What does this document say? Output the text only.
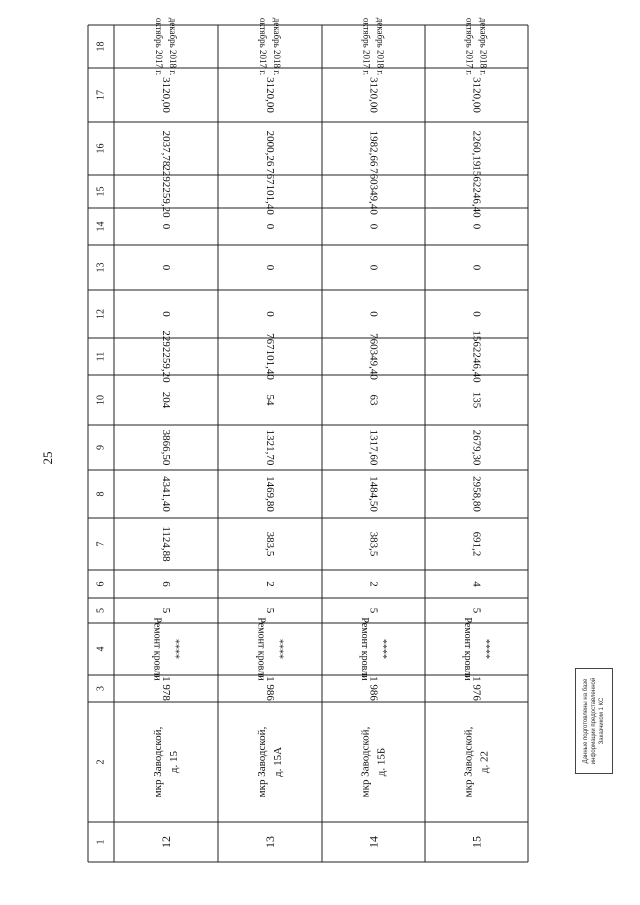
25
1
2
3
4
5
6
7
8
9
10
11
12
13
14
15
16
17
18
12
мкр Заводской, д. 15
1 978
Ремонт кровли ****
5
6
1124,88
4341,40
3866,50
204
2292259,20
0
0
0
2292259,20
2037,78
3120,00
октябрь 2017 г. декабрь 2018 г.
13
мкр Заводской, д. 15А
1 986
Ремонт кровли ****
5
2
383,5
1469,80
1321,70
54
767101,40
0
0
0
767101,40
2000,26
3120,00
октябрь 2017 г. декабрь 2018 г.
14
мкр Заводской, д. 15Б
1 986
Ремонт кровли ****
5
2
383,5
1484,50
1317,60
63
760349,40
0
0
0
760349,40
1982,66
3120,00
октябрь 2017 г. декабрь 2018 г.
15
мкр Заводской, д. 22
1 976
Ремонт кровли ****
5
4
691,2
2958,80
2679,30
135
1562246,40
0
0
0
1562246,40
2260,19
3120,00
октябрь 2017 г. декабрь 2018 г.
Данные подготовлены на базе информации предоставленной Заказчиком 1 КС
